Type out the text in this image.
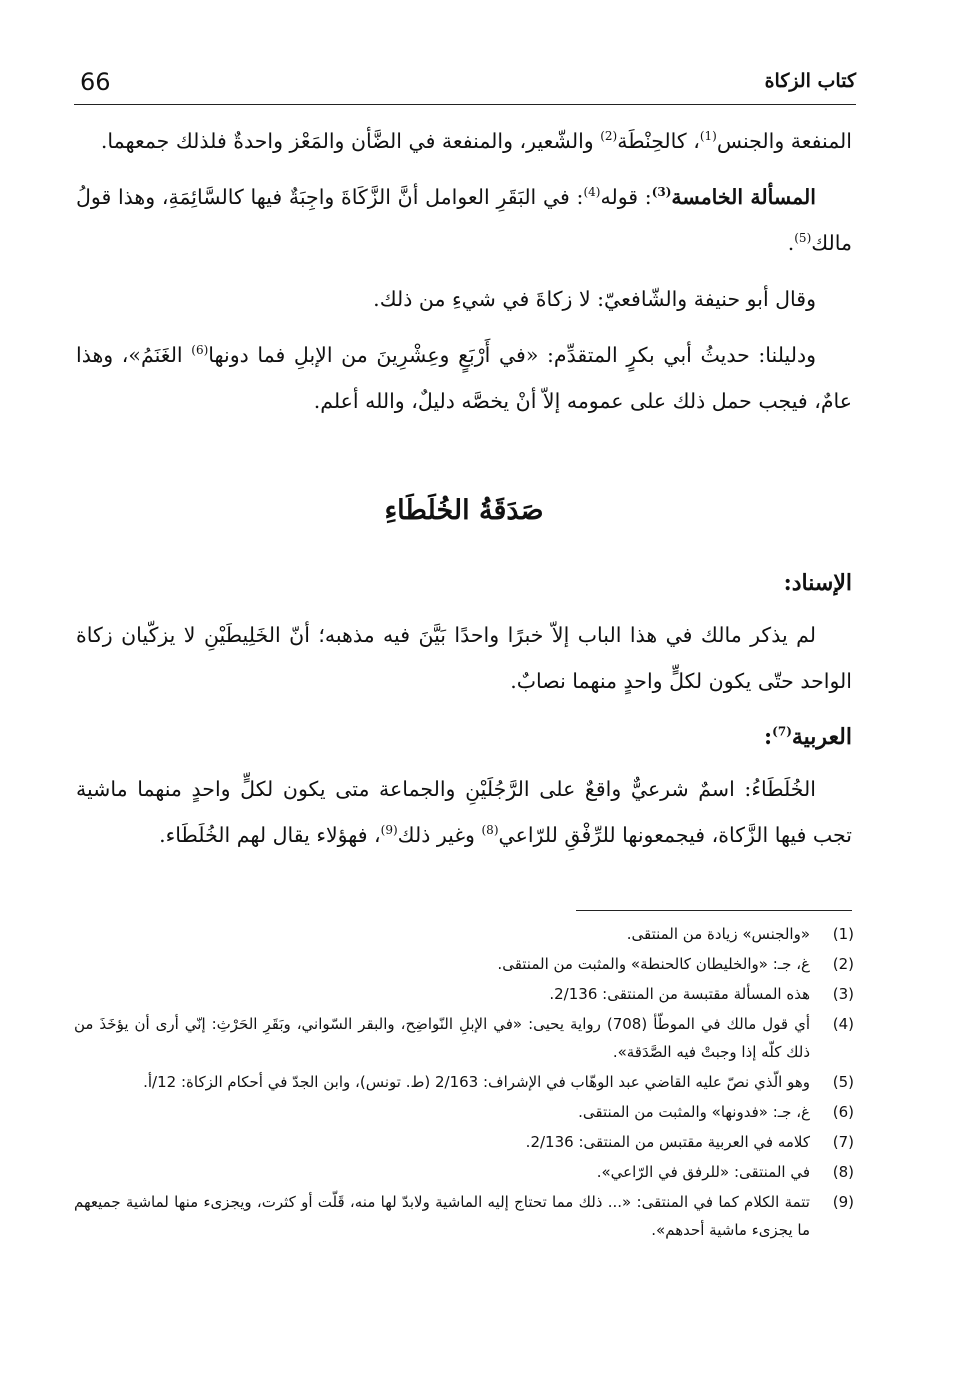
66	كتاب الزكاة

المنفعة والجنس$^{(1)}$، كالحِنْطَة$^{(2)}$ والشّعير، والمنفعة في الضَّأن والمَعْز واحدةٌ فلذلك جمعهما.

المسألة الخامسة$^{(3)}$: قوله$^{(4)}$: في البَقَرِ العوامل أنَّ الزَّكَاةَ واجِبَةٌ فيها كالسَّائِمَةِ، وهذا قولُ مالك$^{(5)}$.

وقال أبو حنيفة والشّافعيّ: لا زكاةَ في شيءِ من ذلك.

ودليلنا: حديثُ أبي بكرٍ المتقدِّم: «في أَرْبَعٍ وعِشْرِينَ من الإبلِ فما دونها$^{(6)}$ الغَنَمُ»، وهذا عامٌ، فيجب حمل ذلك على عمومه إلاّ أنْ يخصَّه دليلٌ، والله أعلم.

صَدَقَةُ الخُلَطَاءِ
الإسناد:

لم يذكر مالك في هذا الباب إلاّ خبرًا واحدًا بَيَّنَ فيه مذهبه؛ أنّ الخَلِيطَيْنِ لا يزكّيان زكاة الواحد حتّى يكون لكلٍّ واحدٍ منهما نصابٌ.

العربية$^{(7)}$:

الخُلَطَاءُ: اسمٌ شرعيٌّ واقعٌ على الرَّجُلَيْنِ والجماعة متى يكون لكلٍّ واحدٍ منهما ماشية تجب فيها الزَّكاة، فيجمعونها للرِّفْقِ للرّاعي$^{(8)}$ وغير ذلك$^{(9)}$، فهؤلاء يقال لهم الخُلَطَاء.

(1)
«والجنس» زيادة من المنتقى.
(2)
غ، جـ: «والخليطان كالحنطة» والمثبت من المنتقى.
(3)
هذه المسألة مقتبسة من المنتقى: 2/136.
(4)
أي قول مالك في الموطّأ (708) رواية يحيى: «في الإبلِ النّواضِح، والبقر السّواني، وبَقَرِ الحَرْثِ: إنّي أرى أن يؤخَذَ من ذلك كلّه إذا وجبتْ فيه الصَّدَقة».
(5)
وهو الّذي نصّ عليه القاضي عبد الوهّاب في الإشراف: 2/163 (ط. تونس)، وابن الجدّ في أحكام الزكاة: 12/أ.
(6)
غ، جـ: «فدونها» والمثبت من المنتقى.
(7)
كلامه في العربية مقتبس من المنتقى: 2/136.
(8)
في المنتقى: «للرفق في الرّاعي».
(9)
تتمة الكلام كما في المنتقى: «... ذلك مما تحتاج إليه الماشية ولابدّ لها منه، قَلّت أو كثرت، ويجزىء منها لماشية جميعهم ما يجزىء ماشية أحدهم».
